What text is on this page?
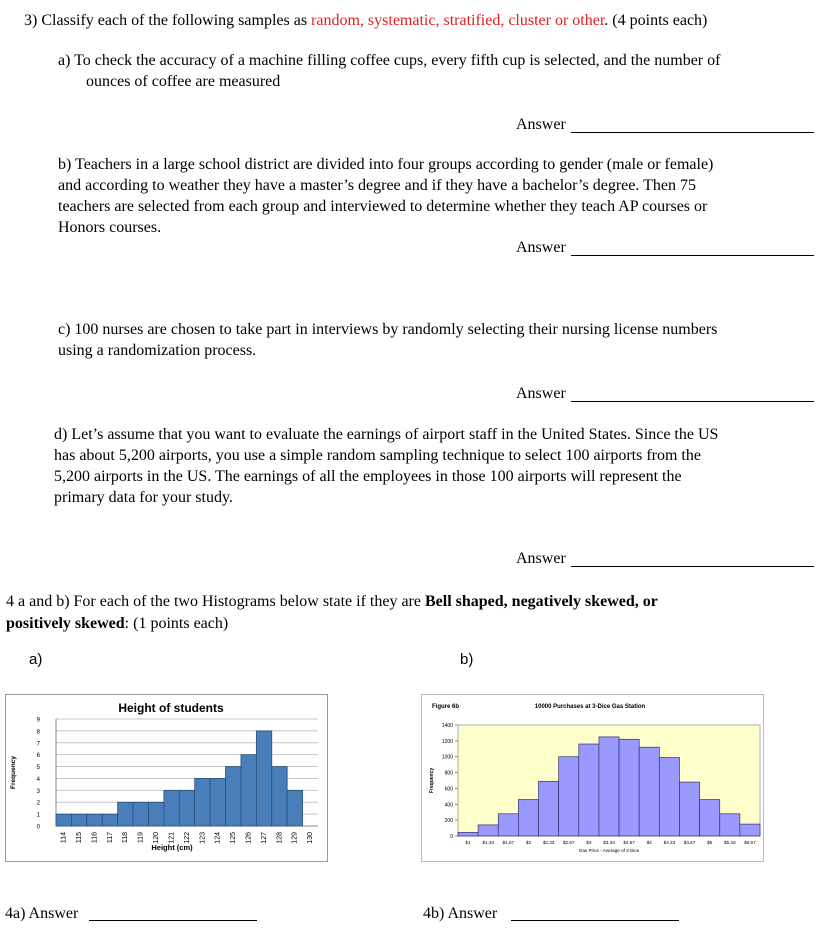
3) Classify each of the following samples as random, systematic, stratified, cluster or other. (4 points each)
a) To check the accuracy of a machine filling coffee cups, every fifth cup is selected, and the number of
ounces of coffee are measured
Answer
b) Teachers in a large school district are divided into four groups according to gender (male or female)
and according to weather they have a master’s degree and if they have a bachelor’s degree. Then 75
teachers are selected from each group and interviewed to determine whether they teach AP courses or
Honors courses.
Answer
c) 100 nurses are chosen to take part in interviews by randomly selecting their nursing license numbers
using a randomization process.
Answer
d) Let’s assume that you want to evaluate the earnings of airport staff in the United States. Since the US
has about 5,200 airports, you use a simple random sampling technique to select 100 airports from the
5,200 airports in the US. The earnings of all the employees in those 100 airports will represent the
primary data for your study.
Answer
4 a and b) For each of the two Histograms below state if they are Bell shaped, negatively skewed, or
positively skewed: (1 points each)
a)	b)
Height of students
0
1
2
3
4
5
6
7
8
9
114 115 116 117 118 119 120 121 122 123 124 125 126 127 128 129 130
Height (cm)
Frequency
Figure 6b	10000 Purchases at 3-Dice Gas Station
0
200
400
600
800
1000
1200
1400
$1	$1.33 $1.67	$2	$2.33 $2.67	$3	$3.33 $3.67	$4	$4.33 $4.67	$5	$5.33 $5.67
Gas Price - Average of 3 Dice
Frequency
4a) Answer	4b) Answer
